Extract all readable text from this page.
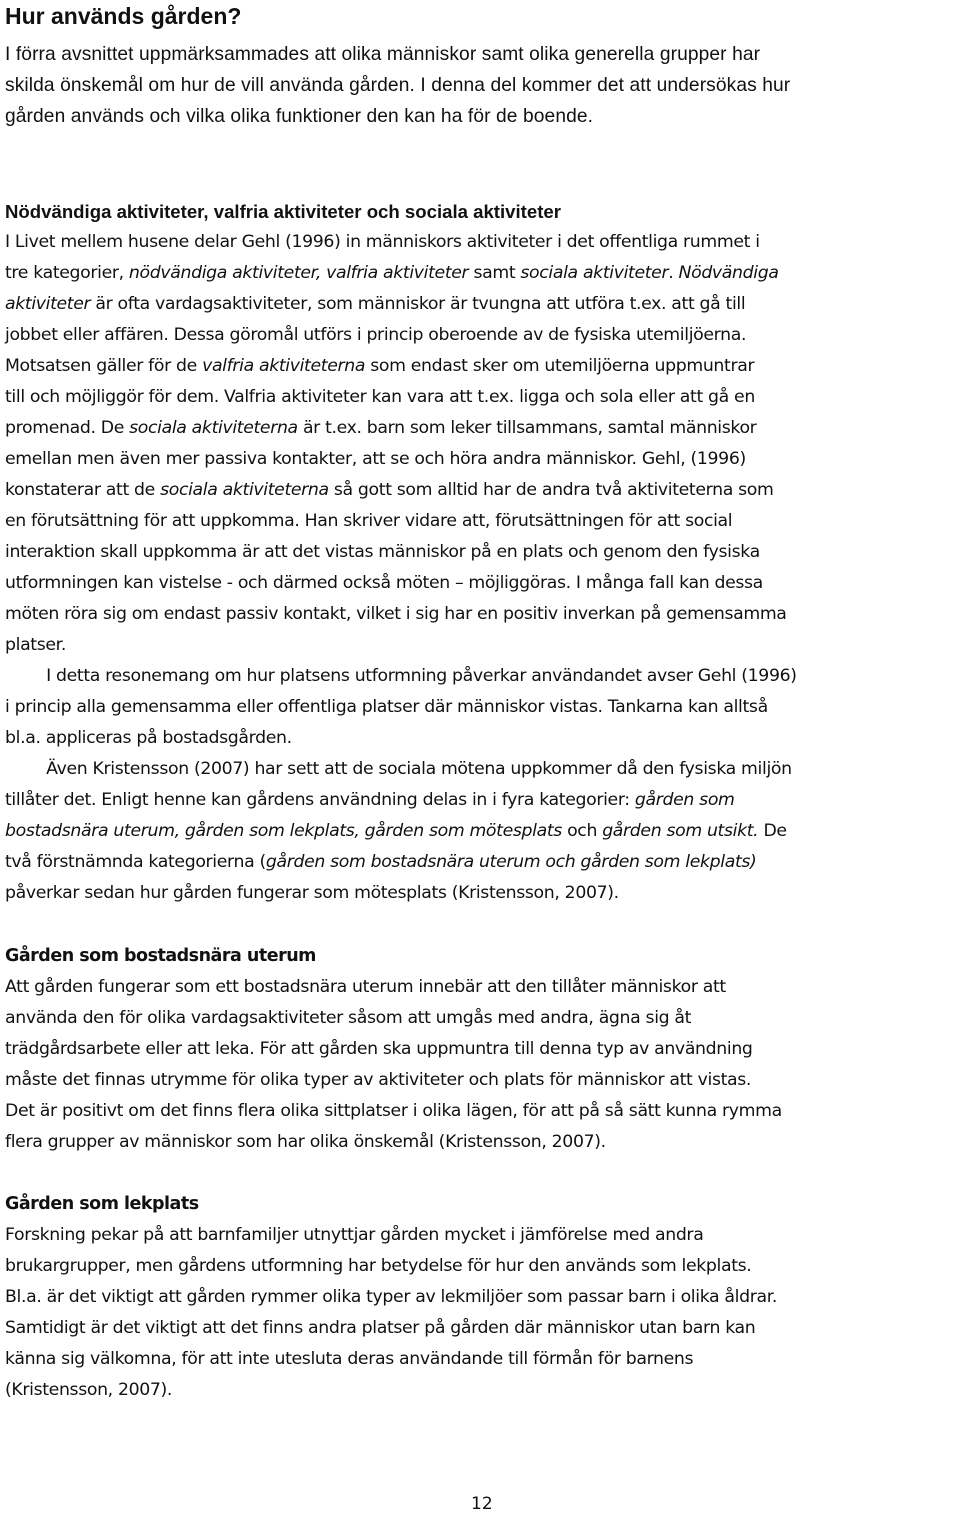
Hur används gården?
I förra avsnittet uppmärksammades att olika människor samt olika generella grupper har
skilda önskemål om hur de vill använda gården. I denna del kommer det att undersökas hur
gården används och vilka olika funktioner den kan ha för de boende.
Nödvändiga aktiviteter, valfria aktiviteter och sociala aktiviteter
I Livet mellem husene delar Gehl (1996) in människors aktiviteter i det offentliga rummet i
tre kategorier, nödvändiga aktiviteter, valfria aktiviteter samt sociala aktiviteter. Nödvändiga
aktiviteter är ofta vardagsaktiviteter, som människor är tvungna att utföra t.ex. att gå till
jobbet eller affären. Dessa göromål utförs i princip oberoende av de fysiska utemiljöerna.
Motsatsen gäller för de valfria aktiviteterna som endast sker om utemiljöerna uppmuntrar
till och möjliggör för dem. Valfria aktiviteter kan vara att t.ex. ligga och sola eller att gå en
promenad. De sociala aktiviteterna är t.ex. barn som leker tillsammans, samtal människor
emellan men även mer passiva kontakter, att se och höra andra människor. Gehl, (1996)
konstaterar att de sociala aktiviteterna så gott som alltid har de andra två aktiviteterna som
en förutsättning för att uppkomma. Han skriver vidare att, förutsättningen för att social
interaktion skall uppkomma är att det vistas människor på en plats och genom den fysiska
utformningen kan vistelse - och därmed också möten – möjliggöras. I många fall kan dessa
möten röra sig om endast passiv kontakt, vilket i sig har en positiv inverkan på gemensamma
platser.
I detta resonemang om hur platsens utformning påverkar användandet avser Gehl (1996)
i princip alla gemensamma eller offentliga platser där människor vistas. Tankarna kan alltså
bl.a. appliceras på bostadsgården.
Även Kristensson (2007) har sett att de sociala mötena uppkommer då den fysiska miljön
tillåter det. Enligt henne kan gårdens användning delas in i fyra kategorier: gården som
bostadsnära uterum, gården som lekplats, gården som mötesplats och gården som utsikt. De
två förstnämnda kategorierna (gården som bostadsnära uterum och gården som lekplats)
påverkar sedan hur gården fungerar som mötesplats (Kristensson, 2007).
Gården som bostadsnära uterum
Att gården fungerar som ett bostadsnära uterum innebär att den tillåter människor att
använda den för olika vardagsaktiviteter såsom att umgås med andra, ägna sig åt
trädgårdsarbete eller att leka. För att gården ska uppmuntra till denna typ av användning
måste det finnas utrymme för olika typer av aktiviteter och plats för människor att vistas.
Det är positivt om det finns flera olika sittplatser i olika lägen, för att på så sätt kunna rymma
flera grupper av människor som har olika önskemål (Kristensson, 2007).
Gården som lekplats
Forskning pekar på att barnfamiljer utnyttjar gården mycket i jämförelse med andra
brukargrupper, men gårdens utformning har betydelse för hur den används som lekplats.
Bl.a. är det viktigt att gården rymmer olika typer av lekmiljöer som passar barn i olika åldrar.
Samtidigt är det viktigt att det finns andra platser på gården där människor utan barn kan
känna sig välkomna, för att inte utesluta deras användande till förmån för barnens
(Kristensson, 2007).
12
